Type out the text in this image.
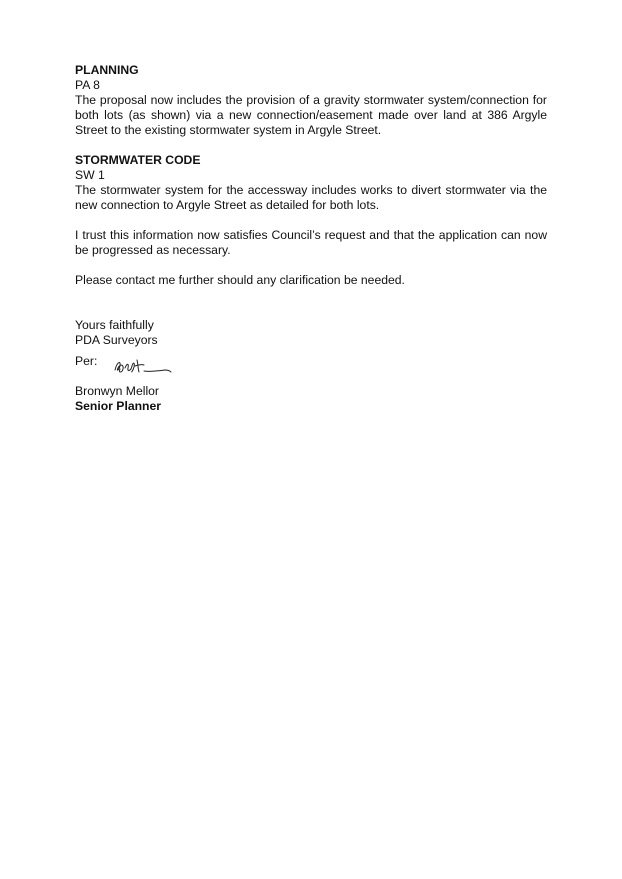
PLANNING

PA 8

The proposal now includes the provision of a gravity stormwater system/connection for both lots (as shown) via a new connection/easement made over land at 386 Argyle Street to the existing stormwater system in Argyle Street.

STORMWATER CODE

SW 1

The stormwater system for the accessway includes works to divert stormwater via the new connection to Argyle Street as detailed for both lots.

I trust this information now satisfies Council’s request and that the application can now be progressed as necessary.

Please contact me further should any clarification be needed.

Yours faithfully

PDA Surveyors

Per:

Bronwyn Mellor

Senior Planner
